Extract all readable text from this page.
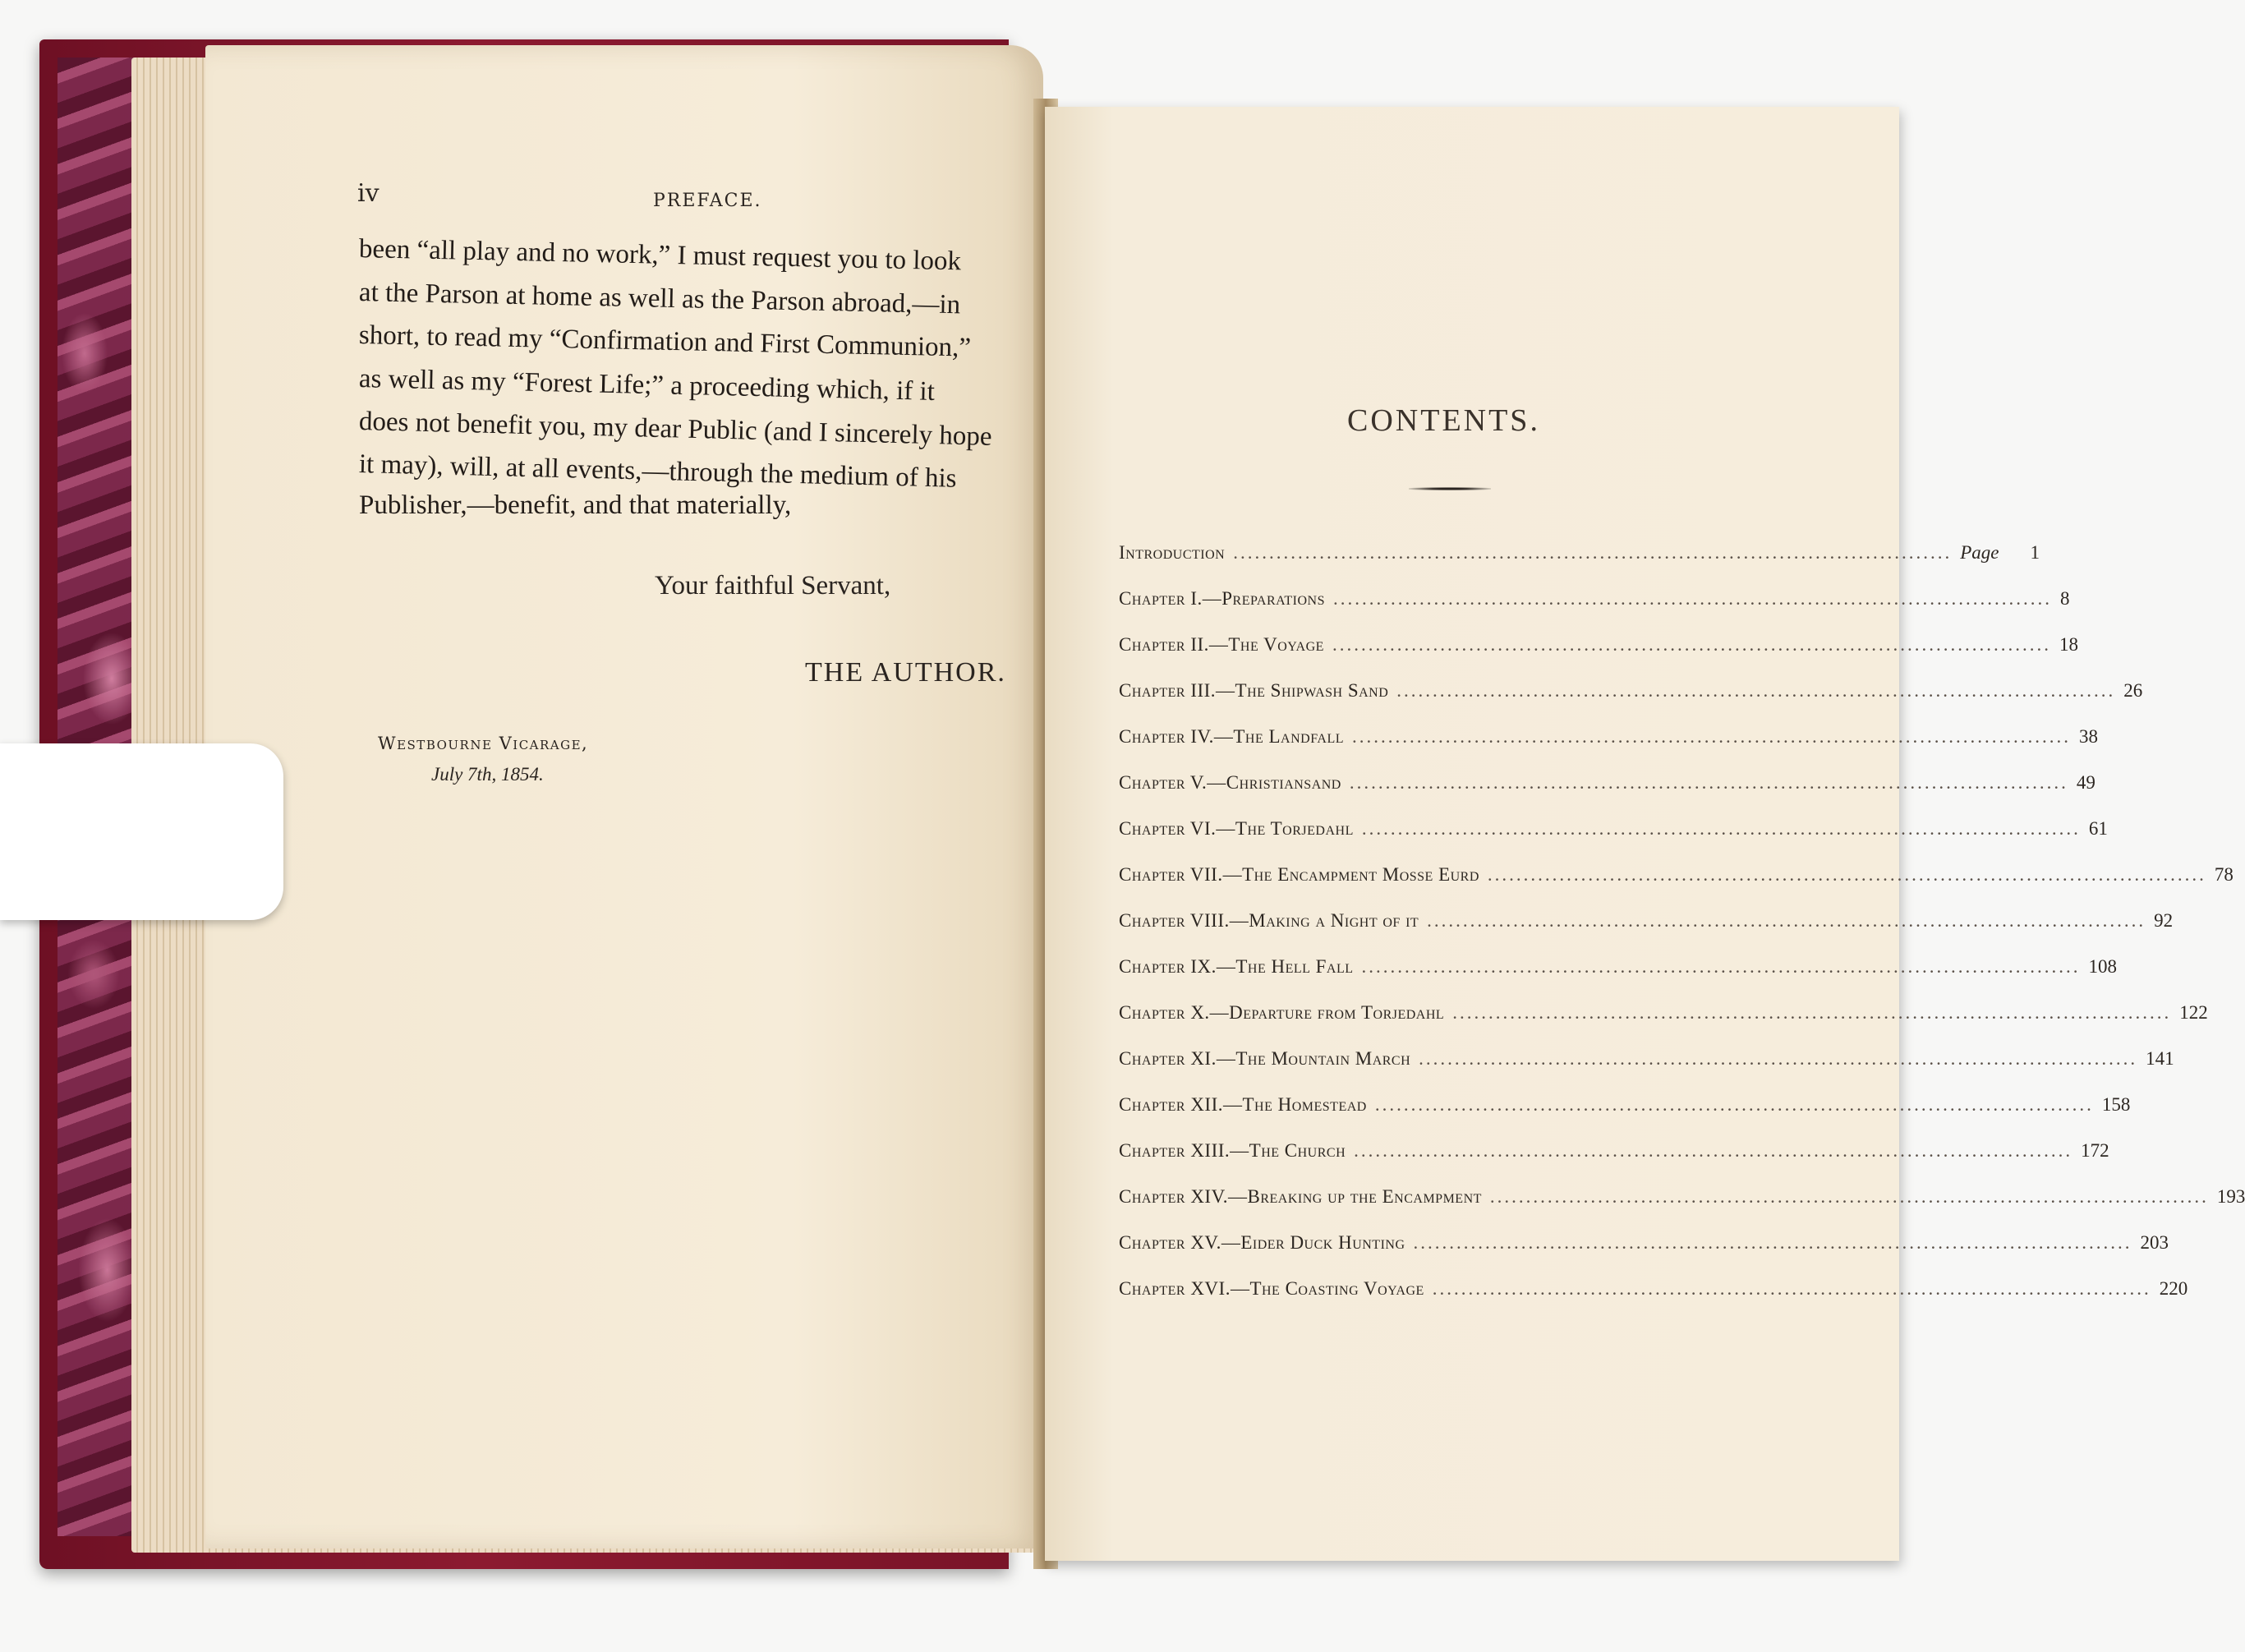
iv	PREFACE.
been “all play and no work,” I must request you to look
at the Parson at home as well as the Parson abroad,—in
short, to read my “Confirmation and First Communion,”
as well as my “Forest Life;” a proceeding which, if it
does not benefit you, my dear Public (and I sincerely hope
it may), will, at all events,—through the medium of his
Publisher,—benefit, and that materially,
Your faithful Servant,
THE AUTHOR.
Westbourne Vicarage,
July 7th, 1854.
CONTENTS.
Introduction .................................................................................................... Page 1
Chapter I.—Preparations .................................................................................................... 8
Chapter II.—The Voyage .................................................................................................... 18
Chapter III.—The Shipwash Sand .................................................................................................... 26
Chapter IV.—The Landfall .................................................................................................... 38
Chapter V.—Christiansand .................................................................................................... 49
Chapter VI.—The Torjedahl .................................................................................................... 61
Chapter VII.—The Encampment Mosse Eurd .................................................................................................... 78
Chapter VIII.—Making a Night of it .................................................................................................... 92
Chapter IX.—The Hell Fall .................................................................................................... 108
Chapter X.—Departure from Torjedahl .................................................................................................... 122
Chapter XI.—The Mountain March .................................................................................................... 141
Chapter XII.—The Homestead .................................................................................................... 158
Chapter XIII.—The Church .................................................................................................... 172
Chapter XIV.—Breaking up the Encampment .................................................................................................... 193
Chapter XV.—Eider Duck Hunting .................................................................................................... 203
Chapter XVI.—The Coasting Voyage .................................................................................................... 220
